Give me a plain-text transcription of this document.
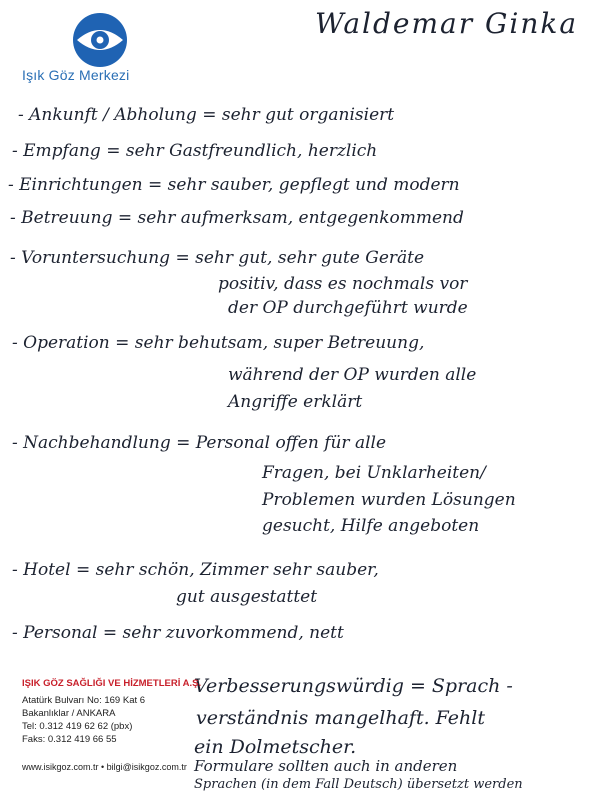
Işık Göz Merkezi
Waldemar Ginka
- Ankunft / Abholung = sehr gut organisiert
- Empfang = sehr Gastfreundlich, herzlich
- Einrichtungen = sehr sauber, gepflegt und modern
- Betreuung = sehr aufmerksam, entgegenkommend
- Voruntersuchung = sehr gut, sehr gute Geräte
positiv, dass es nochmals vor
der OP durchgeführt wurde
- Operation = sehr behutsam, super Betreuung,
während der OP wurden alle
Angriffe erklärt
- Nachbehandlung = Personal offen für alle
Fragen, bei Unklarheiten/
Problemen wurden Lösungen
gesucht, Hilfe angeboten
- Hotel = sehr schön, Zimmer sehr sauber,
gut ausgestattet
- Personal = sehr zuvorkommend, nett
Verbesserungswürdig = Sprach -
verständnis mangelhaft. Fehlt
ein Dolmetscher.
Formulare sollten auch in anderen
Sprachen (in dem Fall Deutsch) übersetzt werden
IŞIK GÖZ SAĞLIĞI VE HİZMETLERİ A.Ş.
Atatürk Bulvarı No: 169 Kat 6
Bakanlıklar / ANKARA
Tel: 0.312 419 62 62 (pbx)
Faks: 0.312 419 66 55
www.isikgoz.com.tr • bilgi@isikgoz.com.tr
